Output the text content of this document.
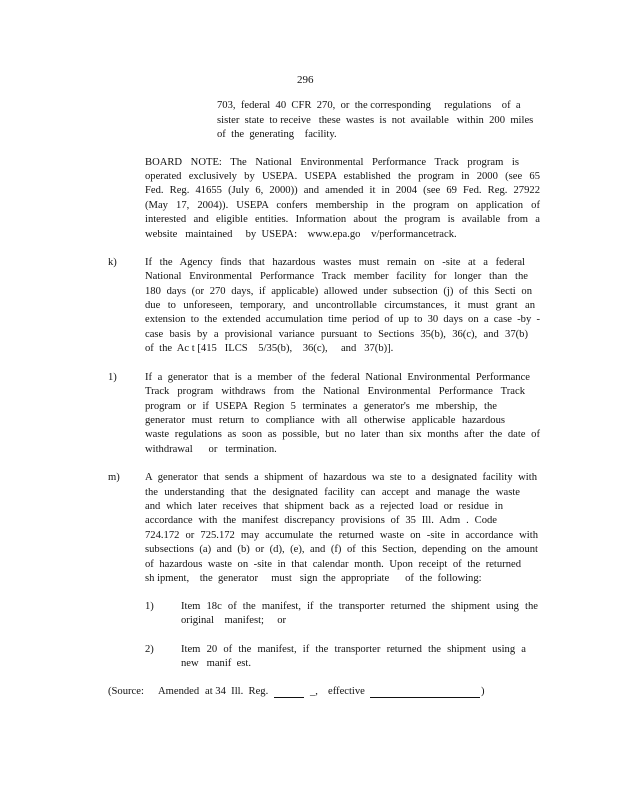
296
703,  federal  40  CFR  270,  or  the corresponding     regulations    of  a
sister  state  to receive   these  wastes  is  not  available   within  200  miles
of  the  generating    facility.
BOARD NOTE: The National Environmental Performance Track program is
operated exclusively by USEPA. USEPA established the program in 2000 (see 65
Fed. Reg. 41655 (July 6, 2000)) and amended it in 2004 (see 69 Fed. Reg. 27922
(May 17, 2004)). USEPA confers membership in the program on application of
interested and eligible entities. Information about the program is available from a
website   maintained     by  USEPA:    www.epa.go    v/performancetrack.
k)	If the Agency finds that hazardous wastes must remain on -site at a federal
National Environmental Performance Track member facility for longer than the
180 days (or 270 days, if applicable) allowed under subsection (j) of this Secti on
due to unforeseen, temporary, and uncontrollable circumstances, it must grant an
extension to the extended accumulation time period of up to 30 days on a case -by -
case basis by a provisional variance pursuant to Sections 35(b), 36(c), and 37(b)
of  the  Ac t [415   ILCS    5/35(b),    36(c),     and   37(b)].
1)	If a generator that is a member of the federal National Environmental Performance
Track program withdraws from the National Environmental Performance Track
program or if USEPA Region 5 terminates a generator's me mbership, the
generator must return to compliance with all otherwise applicable hazardous
waste regulations as soon as possible, but no later than six months after the date of
withdrawal      or   termination.
m) A generator that sends a shipment of hazardous wa ste to a designated facility with
the understanding that the designated facility can accept and manage the waste
and which later receives that shipment back as a rejected load or residue in
accordance with the manifest discrepancy provisions of 35 Ill. Adm . Code
724.172 or 725.172 may accumulate the returned waste on -site in accordance with
subsections (a) and (b) or (d), (e), and (f) of this Section, depending on the amount
of hazardous waste on -site in that calendar month. Upon receipt of the returned
sh ipment,    the  generator     must   sign  the  appropriate      of  the  following:
1)	Item 18c of the manifest, if the transporter returned the shipment using the
original    manifest;     or
2)	Item 20 of the manifest, if the transporter returned the shipment using a
new   manif  est.
(Source: Amended at 34  Ill.  Reg.	_, effective	)
